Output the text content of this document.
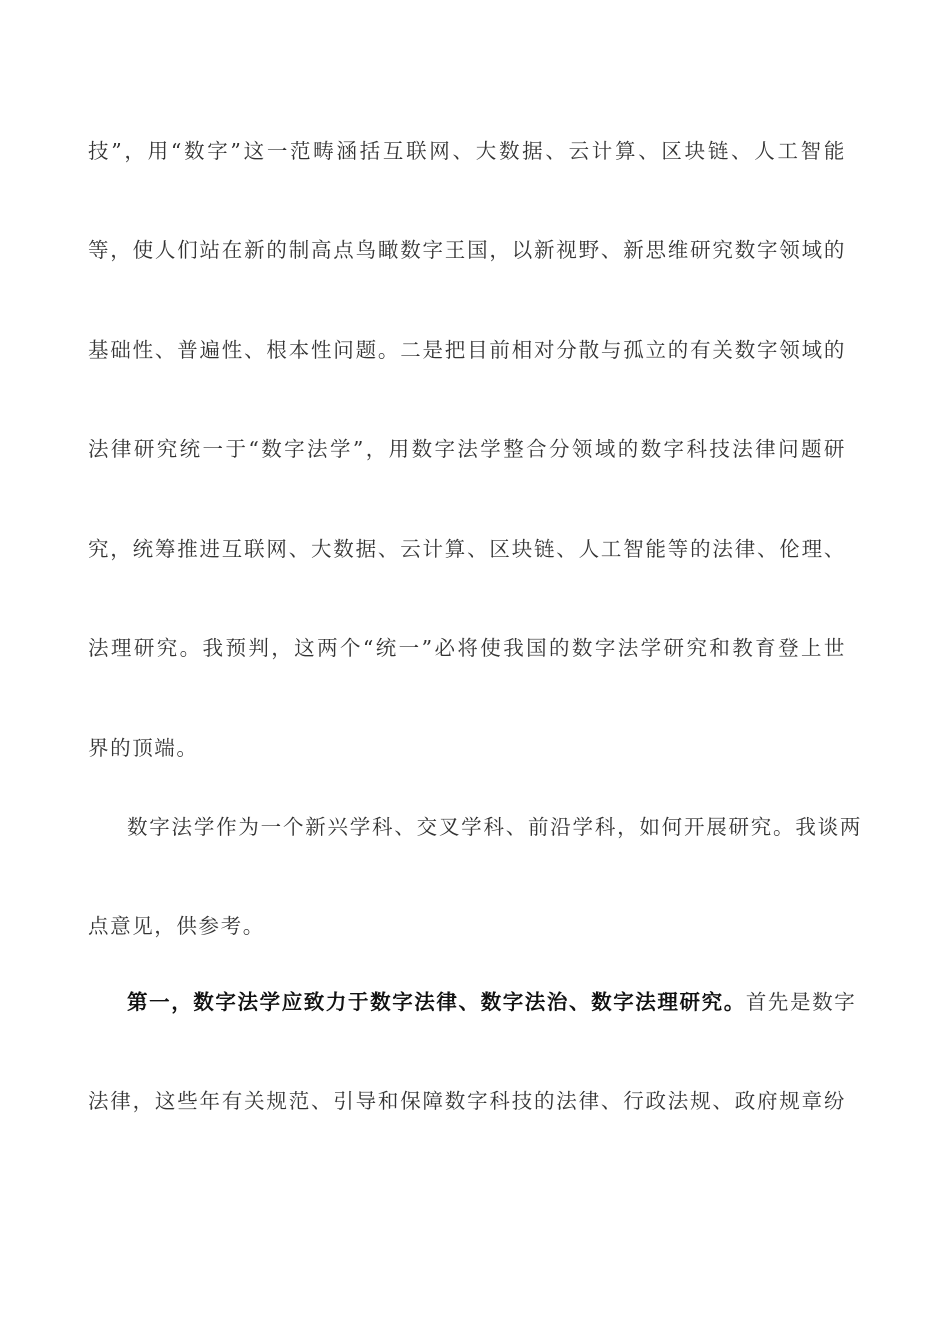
技”，用“数字”这一范畴涵括互联网、大数据、云计算、区块链、人工智能
等，使人们站在新的制高点鸟瞰数字王国，以新视野、新思维研究数字领域的
基础性、普遍性、根本性问题。二是把目前相对分散与孤立的有关数字领域的
法律研究统一于“数字法学”，用数字法学整合分领域的数字科技法律问题研
究，统筹推进互联网、大数据、云计算、区块链、人工智能等的法律、伦理、
法理研究。我预判，这两个“统一”必将使我国的数字法学研究和教育登上世
界的顶端。
数字法学作为一个新兴学科、交叉学科、前沿学科，如何开展研究。我谈两
点意见，供参考。
第一，数字法学应致力于数字法律、数字法治、数字法理研究。首先是数字
法律，这些年有关规范、引导和保障数字科技的法律、行政法规、政府规章纷
